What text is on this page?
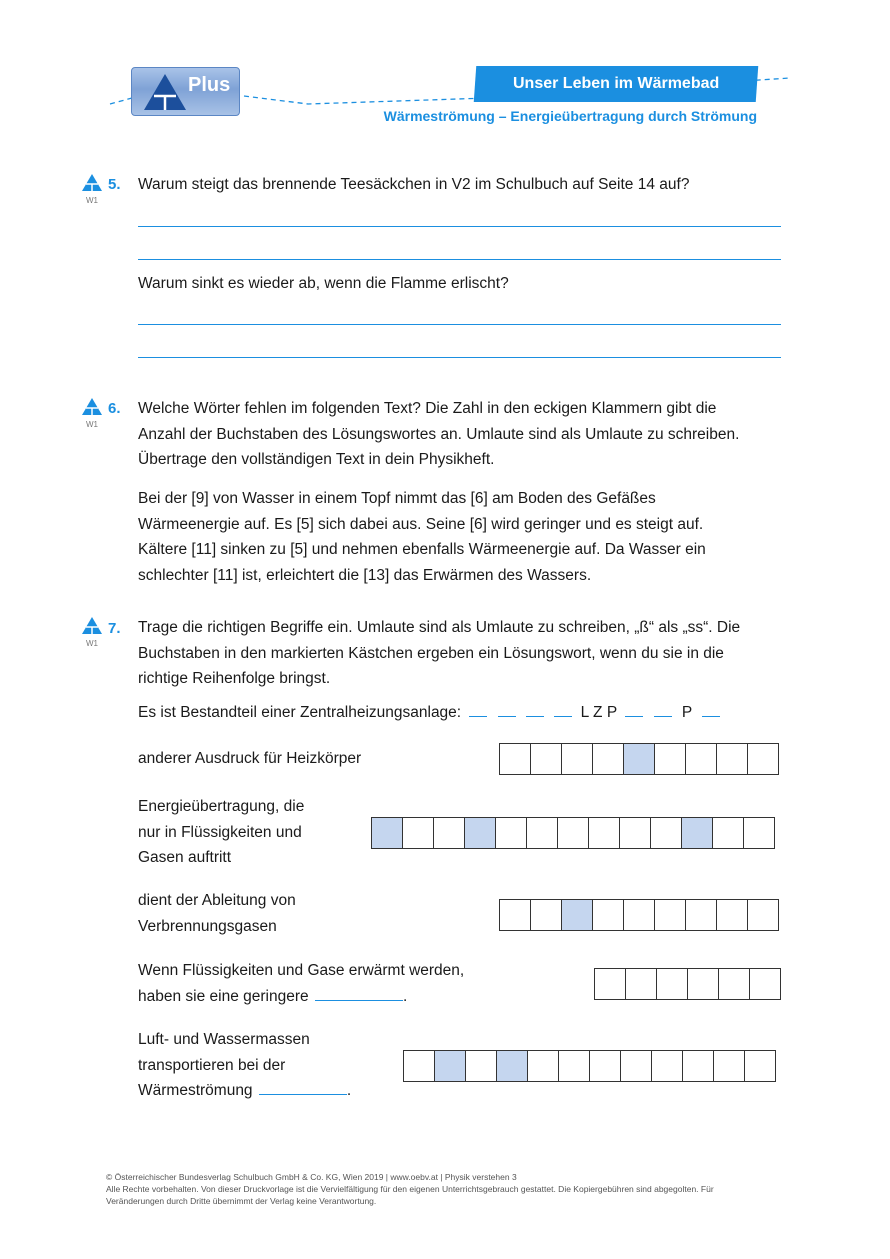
Plus	Unser Leben im Wärmebad
Wärmeströmung – Energieübertragung durch Strömung
W1
5. Warum steigt das brennende Teesäckchen in V2 im Schulbuch auf Seite 14 auf?
Warum sinkt es wieder ab, wenn die Flamme erlischt?
W1
6. Welche Wörter fehlen im folgenden Text? Die Zahl in den eckigen Klammern gibt die
Anzahl der Buchstaben des Lösungswortes an. Umlaute sind als Umlaute zu schreiben.
Übertrage den vollständigen Text in dein Physikheft.
Bei der [9] von Wasser in einem Topf nimmt das [6] am Boden des Gefäßes
Wärmeenergie auf. Es [5] sich dabei aus. Seine [6] wird geringer und es steigt auf.
Kältere [11] sinken zu [5] und nehmen ebenfalls Wärmeenergie auf. Da Wasser ein
schlechter [11] ist, erleichtert die [13] das Erwärmen des Wassers.
W1
7. Trage die richtigen Begriffe ein. Umlaute sind als Umlaute zu schreiben, „ß“ als „ss“. Die
Buchstaben in den markierten Kästchen ergeben ein Lösungswort, wenn du sie in die
richtige Reihenfolge bringst.
Es ist Bestandteil einer Zentralheizungsanlage:	L Z P	P
anderer Ausdruck für Heizkörper
Energieübertragung, die
nur in Flüssigkeiten und
Gasen auftritt
dient der Ableitung von
Verbrennungsgasen
Wenn Flüssigkeiten und Gase erwärmt werden,
haben sie eine geringere	.
Luft- und Wassermassen
transportieren bei der
Wärmeströmung	.
© Österreichischer Bundesverlag Schulbuch GmbH & Co. KG, Wien 2019 | www.oebv.at | Physik verstehen 3
Alle Rechte vorbehalten. Von dieser Druckvorlage ist die Vervielfältigung für den eigenen Unterrichtsgebrauch gestattet. Die Kopiergebühren sind abgegolten. Für
Veränderungen durch Dritte übernimmt der Verlag keine Verantwortung.
